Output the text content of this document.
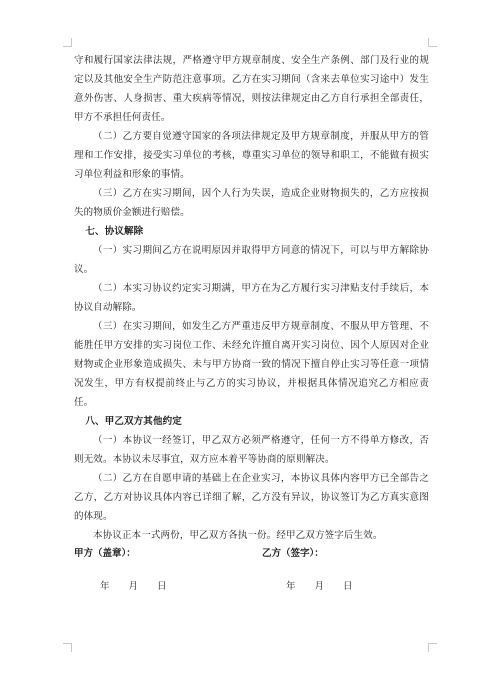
守和履行国家法律法规，严格遵守甲方规章制度、安全生产条例、部门及行业的规定以及其他安全生产防范注意事项。乙方在实习期间（含来去单位实习途中）发生意外伤害、人身损害、重大疾病等情况，则按法律规定由乙方自行承担全部责任，甲方不承担任何责任。

（二）乙方要自觉遵守国家的各项法律规定及甲方规章制度，并服从甲方的管理和工作安排，接受实习单位的考核，尊重实习单位的领导和职工，不能做有损实习单位利益和形象的事情。

（三）乙方在实习期间，因个人行为失误，造成企业财物损失的，乙方应按损失的物质价金额进行赔偿。

七、协议解除

（一）实习期间乙方在说明原因并取得甲方同意的情况下，可以与甲方解除协议。

（二）本实习协议约定实习期满，甲方在为乙方履行实习津贴支付手续后，本协议自动解除。

（三）在实习期间，如发生乙方严重违反甲方规章制度、不服从甲方管理、不能胜任甲方安排的实习岗位工作、未经允许擅自离开实习岗位、因个人原因对企业财物或企业形象造成损失、未与甲方协商一致的情况下擅自停止实习等任意一项情况发生，甲方有权提前终止与乙方的实习协议，并根据具体情况追究乙方相应责任。

八、甲乙双方其他约定

（一）本协议一经签订，甲乙双方必须严格遵守，任何一方不得单方修改，否则无效。本协议未尽事宜，双方应本着平等协商的原则解决。

（二）乙方在自愿申请的基础上在企业实习，本协议具体内容甲方已全部告之乙方，乙方对协议具体内容已详细了解，乙方没有异议，协议签订为乙方真实意图的体现。

本协议正本一式两份，甲乙双方各执一份。经甲乙双方签字后生效。

甲方（盖章）：	乙方（签字）：
年　　月　　日	年　　月　　日
